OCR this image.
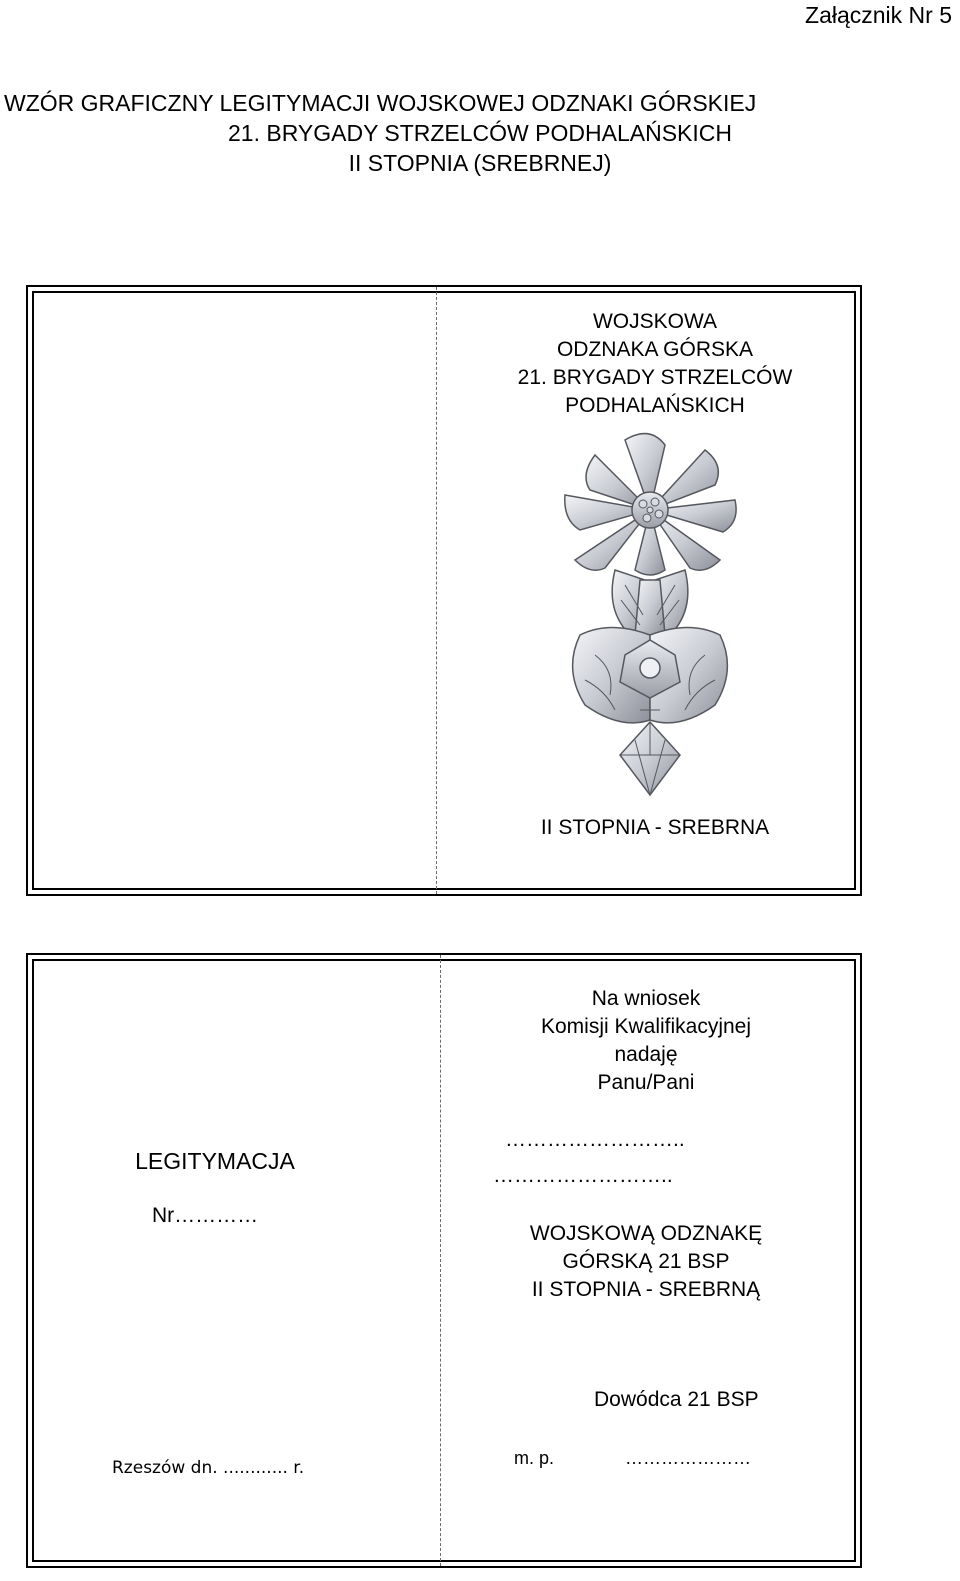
Załącznik Nr 5
WZÓR GRAFICZNY LEGITYMACJI WOJSKOWEJ ODZNAKI GÓRSKIEJ
21. BRYGADY STRZELCÓW PODHALAŃSKICH
II STOPNIA (SREBRNEJ)
WOJSKOWA
ODZNAKA GÓRSKA
21. BRYGADY STRZELCÓW
PODHALAŃSKICH
II STOPNIA - SREBRNA
LEGITYMACJA
Nr…………
Rzeszów dn. ............ r.
Na wniosek
Komisji Kwalifikacyjnej
nadaję
Panu/Pani
……………………..
……………………..
WOJSKOWĄ ODZNAKĘ
GÓRSKĄ 21 BSP
II STOPNIA - SREBRNĄ
Dowódca 21 BSP
m. p.	…………………
